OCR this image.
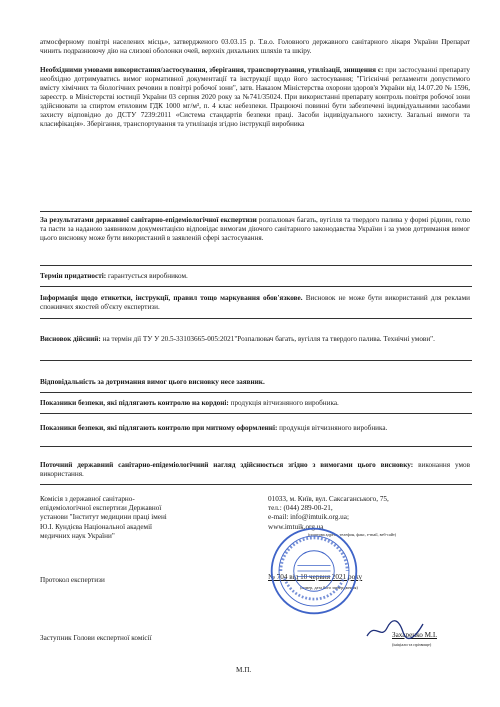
атмосферному повітрі населених місць», затвердженого 03.03.15 р. Т.в.о. Головного державного санітарного лікаря України Препарат чинить подразнюючу дію на слизові оболонки очей, верхніх дихальних шляхів та шкіру.
Необхідними умовами використання/застосування, зберігання, транспортування, утилізації, знищення є: при застосуванні препарату необхідно дотримуватись вимог нормативної документації та інструкції щодо його застосування; "Гігієнічні регламенти допустимого вмісту хімічних та біологічних речовин в повітрі робочої зони", затв. Наказом Міністерства охорони здоров'я України від 14.07.20 № 1596, зареєстр. в Міністерстві юстиції України 03 серпня 2020 року за №741/35024. При використанні препарату контроль повітря робочої зони здійснювати за спиртом етиловим ГДК 1000 мг/м³, п. 4 клас небезпеки. Працюючі повинні бути забезпечені індивідуальними засобами захисту відповідно до ДСТУ 7239:2011 «Система стандартів безпеки праці. Засоби індивідуального захисту. Загальні вимоги та класифікація». Зберігання, транспортування та утилізація згідно інструкції виробника
За результатами державної санітарно-епідеміологічної експертизи розпалювач багать, вугілля та твердого палива у формі рідини, гелю та пасти за наданою заявником документацією відповідає вимогам діючого санітарного законодавства України і за умов дотримання вимог цього висновку може бути використаний в заявленій сфері застосування.
Термін придатності: гарантується виробником.
Інформація щодо етикетки, інструкції, правил тощо маркування обов'язкове. Висновок не може бути використаний для реклами споживчих якостей об'єкту експертизи.
Висновок дійсний: на термін дії ТУ У 20.5-33103665-005:2021"Розпалювач багать, вугілля та твердого палива. Технічні умови".
Відповідальність за дотримання вимог цього висновку несе заявник.
Показники безпеки, які підлягають контролю на кордоні: продукція вітчизняного виробника.
Показники безпеки, які підлягають контролю при митному оформленні: продукція вітчизняного виробника.
Поточний державний санітарно-епідеміологічний нагляд здійснюється згідно з вимогами цього висновку: виконання умов використання.
Комісія з державної санітарно-
епідеміологічної експертизи Державної
установи "Інститут медицини праці імені
Ю.І. Кундієва Національної академії
медичних наук України"
01033, м. Київ, вул. Саксаганського, 75,
тел.: (044) 289-00-21,
e-mail: info@imtuik.org.ua;
www.imtuik.org.ua
(поштова адреса, телефон, факс, e-mail, веб-сайт)
Протокол експертизи	№ 704 від 10 червня 2021 року
(номер, дата його затвердження)
Заступник Голови експертної комісії	Захаренко М.І.
(ініціали та прізвище)
М.П.
